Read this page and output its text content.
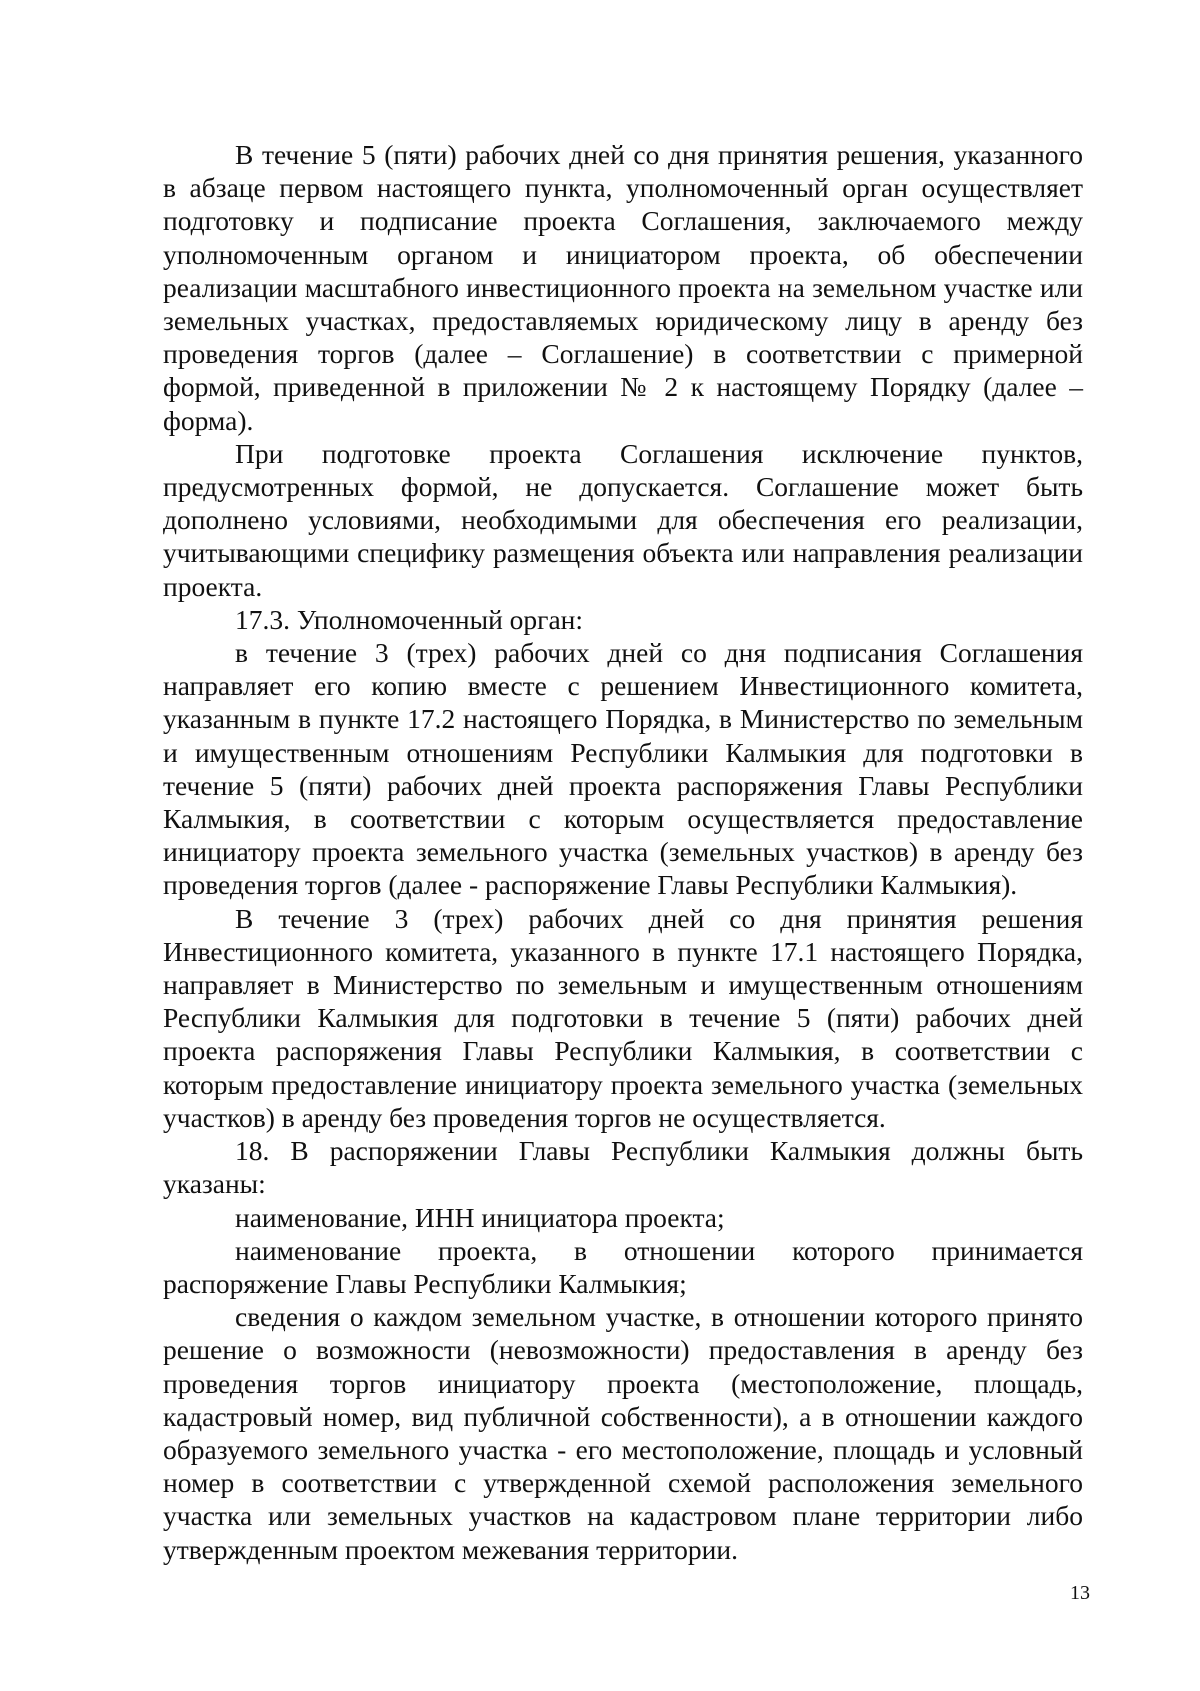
В течение 5 (пяти) рабочих дней со дня принятия решения, указанного в абзаце первом настоящего пункта, уполномоченный орган осуществляет подготовку и подписание проекта Соглашения, заключаемого между уполномоченным органом и инициатором проекта, об обеспечении реализации масштабного инвестиционного проекта на земельном участке или земельных участках, предоставляемых юридическому лицу в аренду без проведения торгов (далее – Соглашение) в соответствии с примерной формой, приведенной в приложении № 2 к настоящему Порядку (далее – форма).

При подготовке проекта Соглашения исключение пунктов, предусмотренных формой, не допускается. Соглашение может быть дополнено условиями, необходимыми для обеспечения его реализации, учитывающими специфику размещения объекта или направления реализации проекта.

17.3. Уполномоченный орган:

в течение 3 (трех) рабочих дней со дня подписания Соглашения направляет его копию вместе с решением Инвестиционного комитета, указанным в пункте 17.2 настоящего Порядка, в Министерство по земельным и имущественным отношениям Республики Калмыкия для подготовки в течение 5 (пяти) рабочих дней проекта распоряжения Главы Республики Калмыкия, в соответствии с которым осуществляется предоставление инициатору проекта земельного участка (земельных участков) в аренду без проведения торгов (далее - распоряжение Главы Республики Калмыкия).

В течение 3 (трех) рабочих дней со дня принятия решения Инвестиционного комитета, указанного в пункте 17.1 настоящего Порядка, направляет в Министерство по земельным и имущественным отношениям Республики Калмыкия для подготовки в течение 5 (пяти) рабочих дней проекта распоряжения Главы Республики Калмыкия, в соответствии с которым предоставление инициатору проекта земельного участка (земельных участков) в аренду без проведения торгов не осуществляется.

18. В распоряжении Главы Республики Калмыкия должны быть указаны:

наименование, ИНН инициатора проекта;

наименование проекта, в отношении которого принимается распоряжение Главы Республики Калмыкия;

сведения о каждом земельном участке, в отношении которого принято решение о возможности (невозможности) предоставления в аренду без проведения торгов инициатору проекта (местоположение, площадь, кадастровый номер, вид публичной собственности), а в отношении каждого образуемого земельного участка - его местоположение, площадь и условный номер в соответствии с утвержденной схемой расположения земельного участка или земельных участков на кадастровом плане территории либо утвержденным проектом межевания территории.

13
